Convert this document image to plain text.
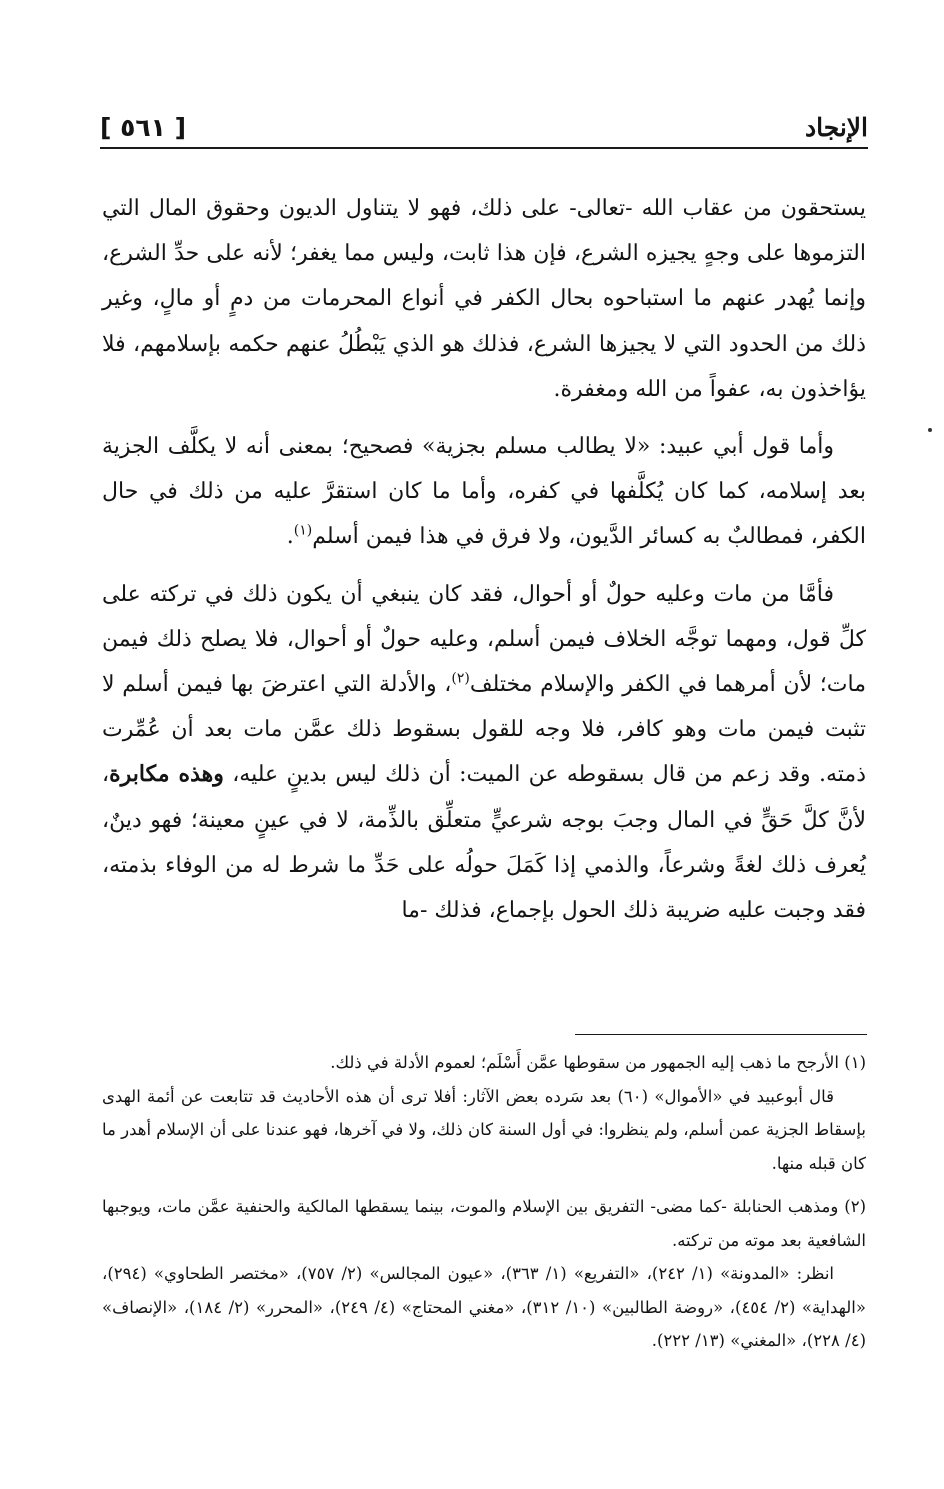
الإنجاد
[ ٥٦١ ]

يستحقون من عقاب الله -تعالى- على ذلك، فهو لا يتناول الديون وحقوق المال التي التزموها على وجهٍ يجيزه الشرع، فإن هذا ثابت، وليس مما يغفر؛ لأنه على حدِّ الشرع، وإنما يُهدر عنهم ما استباحوه بحال الكفر في أنواع المحرمات من دمٍ أو مالٍ، وغير ذلك من الحدود التي لا يجيزها الشرع، فذلك هو الذي يَبْطُلُ عنهم حكمه بإسلامهم، فلا يؤاخذون به، عفواً من الله ومغفرة.

وأما قول أبي عبيد: «لا يطالب مسلم بجزية» فصحيح؛ بمعنى أنه لا يكلَّف الجزية بعد إسلامه، كما كان يُكلَّفها في كفره، وأما ما كان استقرَّ عليه من ذلك في حال الكفر، فمطالبٌ به كسائر الدَّيون، ولا فرق في هذا فيمن أسلم$^{(١)}$.

فأمَّا من مات وعليه حولٌ أو أحوال، فقد كان ينبغي أن يكون ذلك في تركته على كلِّ قول، ومهما توجَّه الخلاف فيمن أسلم، وعليه حولٌ أو أحوال، فلا يصلح ذلك فيمن مات؛ لأن أمرهما في الكفر والإسلام مختلف$^{(٢)}$، والأدلة التي اعترضَ بها فيمن أسلم لا تثبت فيمن مات وهو كافر، فلا وجه للقول بسقوط ذلك عمَّن مات بعد أن عُمِّرت ذمته. وقد زعم من قال بسقوطه عن الميت: أن ذلك ليس بدينٍ عليه، وهذه مكابرة، لأنَّ كلَّ حَقٍّ في المال وجبَ بوجه شرعيٍّ متعلِّق بالذِّمة، لا في عينٍ معينة؛ فهو دينٌ، يُعرف ذلك لغةً وشرعاً، والذمي إذا كَمَلَ حولُه على حَدِّ ما شرط له من الوفاء بذمته، فقد وجبت عليه ضريبة ذلك الحول بإجماع، فذلك -ما

(١) الأرجح ما ذهب إليه الجمهور من سقوطها عمَّن أَسْلَم؛ لعموم الأدلة في ذلك.

قال أبوعبيد في «الأموال» (٦٠) بعد سَرده بعض الآثار: أفلا ترى أن هذه الأحاديث قد تتابعت عن أئمة الهدى بإسقاط الجزية عمن أسلم، ولم ينظروا: في أول السنة كان ذلك، ولا في آخرها، فهو عندنا على أن الإسلام أهدر ما كان قبله منها.

(٢) ومذهب الحنابلة -كما مضى- التفريق بين الإسلام والموت، بينما يسقطها المالكية والحنفية عمَّن مات، ويوجبها الشافعية بعد موته من تركته.

انظر: «المدونة» (١/ ٢٤٢)، «التفريع» (١/ ٣٦٣)، «عيون المجالس» (٢/ ٧٥٧)، «مختصر الطحاوي» (٢٩٤)، «الهداية» (٢/ ٤٥٤)، «روضة الطالبين» (١٠/ ٣١٢)، «مغني المحتاج» (٤/ ٢٤٩)، «المحرر» (٢/ ١٨٤)، «الإنصاف» (٤/ ٢٢٨)، «المغني» (١٣/ ٢٢٢).
